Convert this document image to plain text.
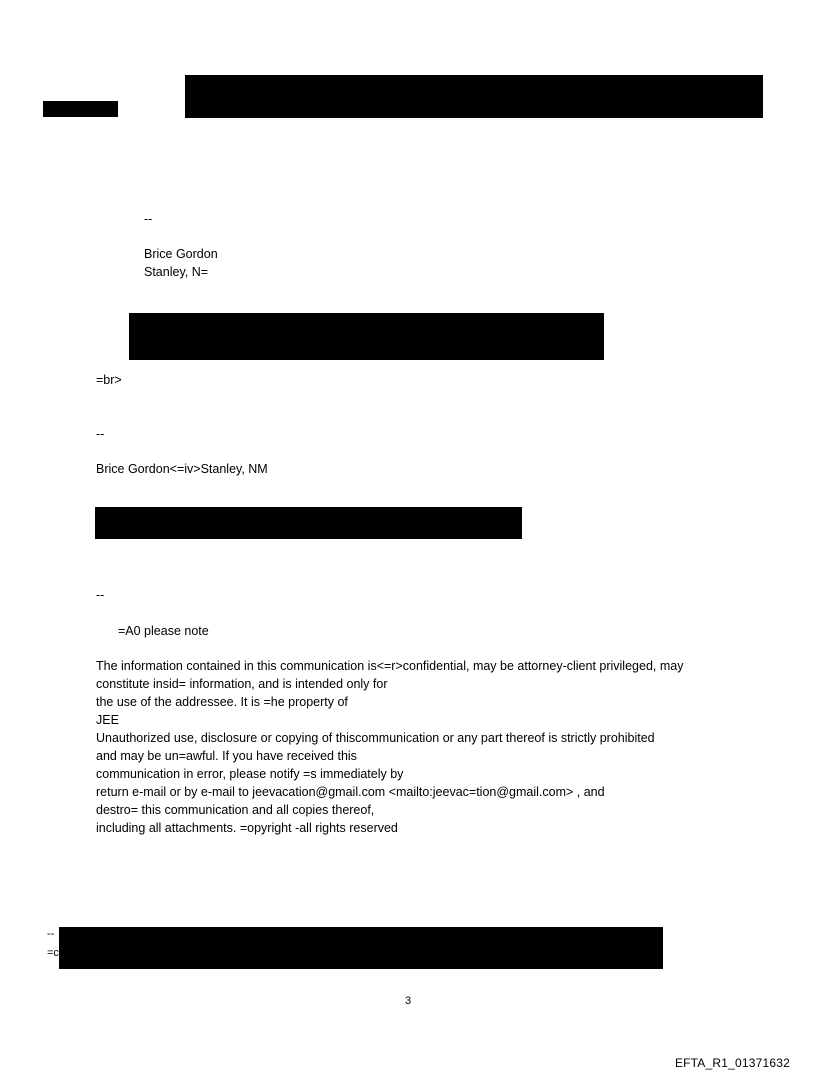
--
Brice Gordon
Stanley, N=
=br>
--
Brice Gordon<=iv>Stanley, NM
--
=A0 please note
The information contained in this communication is<=r>confidential, may be attorney-client privileged, may
constitute insid= information, and is intended only for
the use of the addressee. It is =he property of
JEE
Unauthorized use, disclosure or copying of thiscommunication or any part thereof is strictly prohibited
and may be un=awful. If you have received this
communication in error, please notify =s immediately by
return e-mail or by e-mail to jeevacation@gmail.com <mailto:jeevac=tion@gmail.com> , and
destro= this communication and all copies thereof,
including all attachments. =opyright -all rights reserved
--
=c
3
EFTA_R1_01371632
